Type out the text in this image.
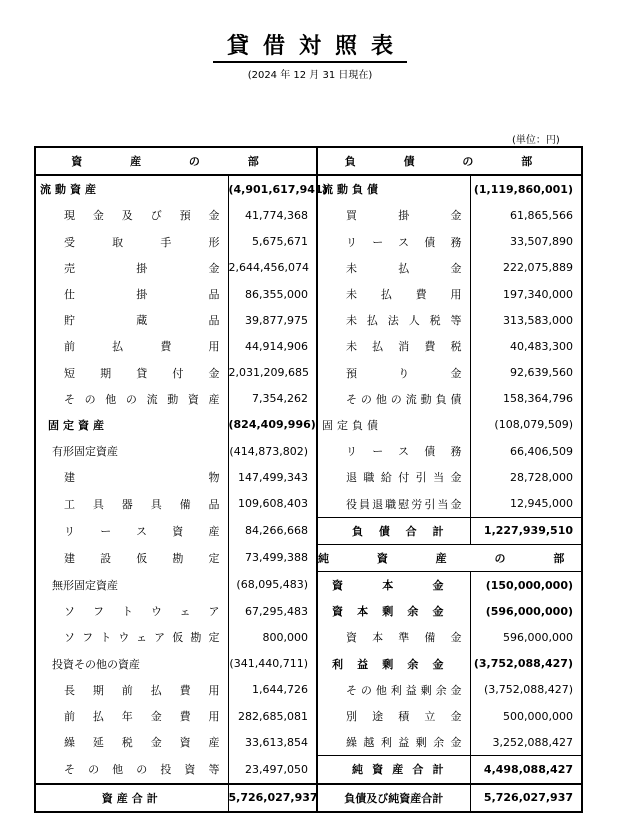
貸借対照表
(2024 年 12 月 31 日現在)
(単位：円)
資 産 の 部		負 債 の 部	
流動資産	(4,901,617,941)	流動負債	(1,119,860,001)

現金及び預金	41,774,368	買掛金	61,865,566

受取手形	5,675,671	リース債務	33,507,890

売掛金	2,644,456,074	未払金	222,075,889

仕掛品	86,355,000	未払費用	197,340,000

貯蔵品	39,877,975	未払法人税等	313,583,000

前払費用	44,914,906	未払消費税	40,483,300

短期貸付金	2,031,209,685	預り金	92,639,560

その他の流動資産	7,354,262	その他の流動負債	158,364,796
固定資産	(824,409,996)	固定負債	(108,079,509)
有形固定資産	(414,873,802)	リース債務	66,406,509

建物	147,499,343	退職給付引当金	28,728,000

工具器具備品	109,608,403	役員退職慰労引当金	12,945,000

リース資産	84,266,668	負債合計	1,227,939,510

建設仮勘定	73,499,388	純 資 産 の 部	
無形固定資産	(68,095,483)	資本金	(150,000,000)

ソフトウェア	67,295,483	資本剰余金	(596,000,000)

ソフトウェア仮勘定	800,000	資本準備金	596,000,000
投資その他の資産	(341,440,711)	利益剰余金	(3,752,088,427)

長期前払費用	1,644,726	その他利益剰余金	(3,752,088,427)

前払年金費用	282,685,081	別途積立金	500,000,000

繰延税金資産	33,613,854	繰越利益剰余金	3,252,088,427

その他の投資等	23,497,050	純資産合計	4,498,088,427
資産合計	5,726,027,937	負債及び純資産合計	5,726,027,937
